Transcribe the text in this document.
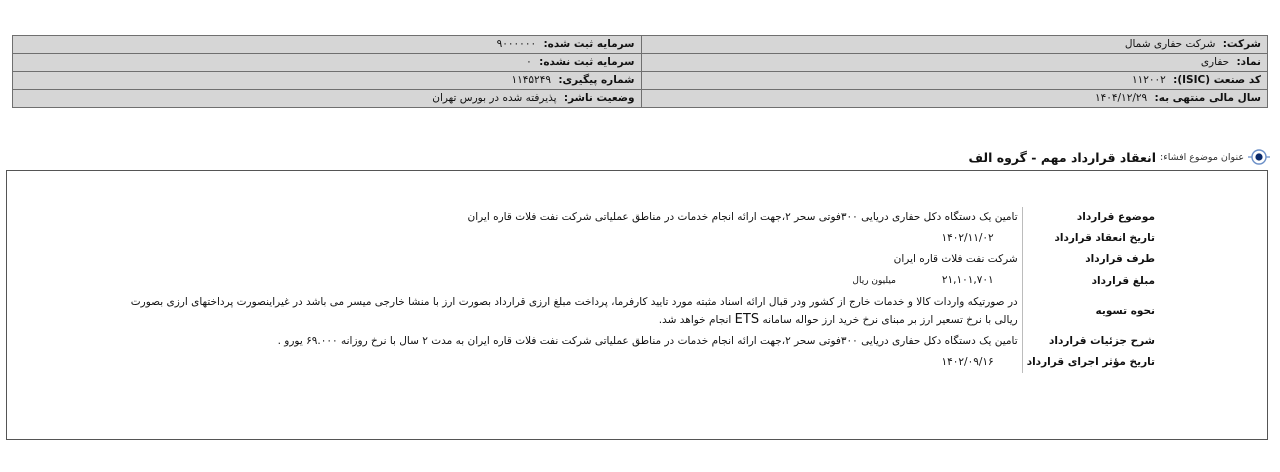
شرکت: شرکت حفاری شمال	سرمایه ثبت شده: ۹۰۰۰۰۰۰
نماد: حفاری	سرمایه ثبت نشده: ۰
کد صنعت (ISIC): ۱۱۲۰۰۲	شماره پیگیری: ۱۱۴۵۲۴۹
سال مالی منتهی به: ۱۴۰۴/۱۲/۲۹	وضعیت ناشر: پذیرفته شده در بورس تهران
عنوان موضوع افشاء:
انعقاد قرارداد مهم - گروه الف
موضوع قرارداد	تامین یک دستگاه دکل حفاری دریایی ۳۰۰فوتی سحر ۲،جهت ارائه انجام خدمات در مناطق عملیاتی شرکت نفت فلات قاره ایران
تاریخ انعقاد قرارداد	۱۴۰۲/۱۱/۰۲
طرف قرارداد	شرکت نفت فلات قاره ایران
مبلغ قرارداد	۲۱,۱۰۱,۷۰۱میلیون ریال
نحوه تسویه	در صورتیکه واردات کالا و خدمات خارج از کشور ودر قبال ارائه اسناد مثبته مورد تایید کارفرما، پرداخت مبلغ ارزی قرارداد بصورت ارز با منشا خارجی میسر می باشد در غیراینصورت پرداختهای ارزی بصورت
ریالی با نرخ تسعیر ارز بر مبنای نرخ خرید ارز حواله سامانه ETS انجام خواهد شد.

شرح جزئیات قرارداد	تامین یک دستگاه دکل حفاری دریایی ۳۰۰فوتی سحر ۲،جهت ارائه انجام خدمات در مناطق عملیاتی شرکت نفت فلات قاره ایران به مدت ۲ سال با نرخ روزانه ۶۹.۰۰۰ یورو .
تاریخ مؤثر اجرای قرارداد	۱۴۰۲/۰۹/۱۶
